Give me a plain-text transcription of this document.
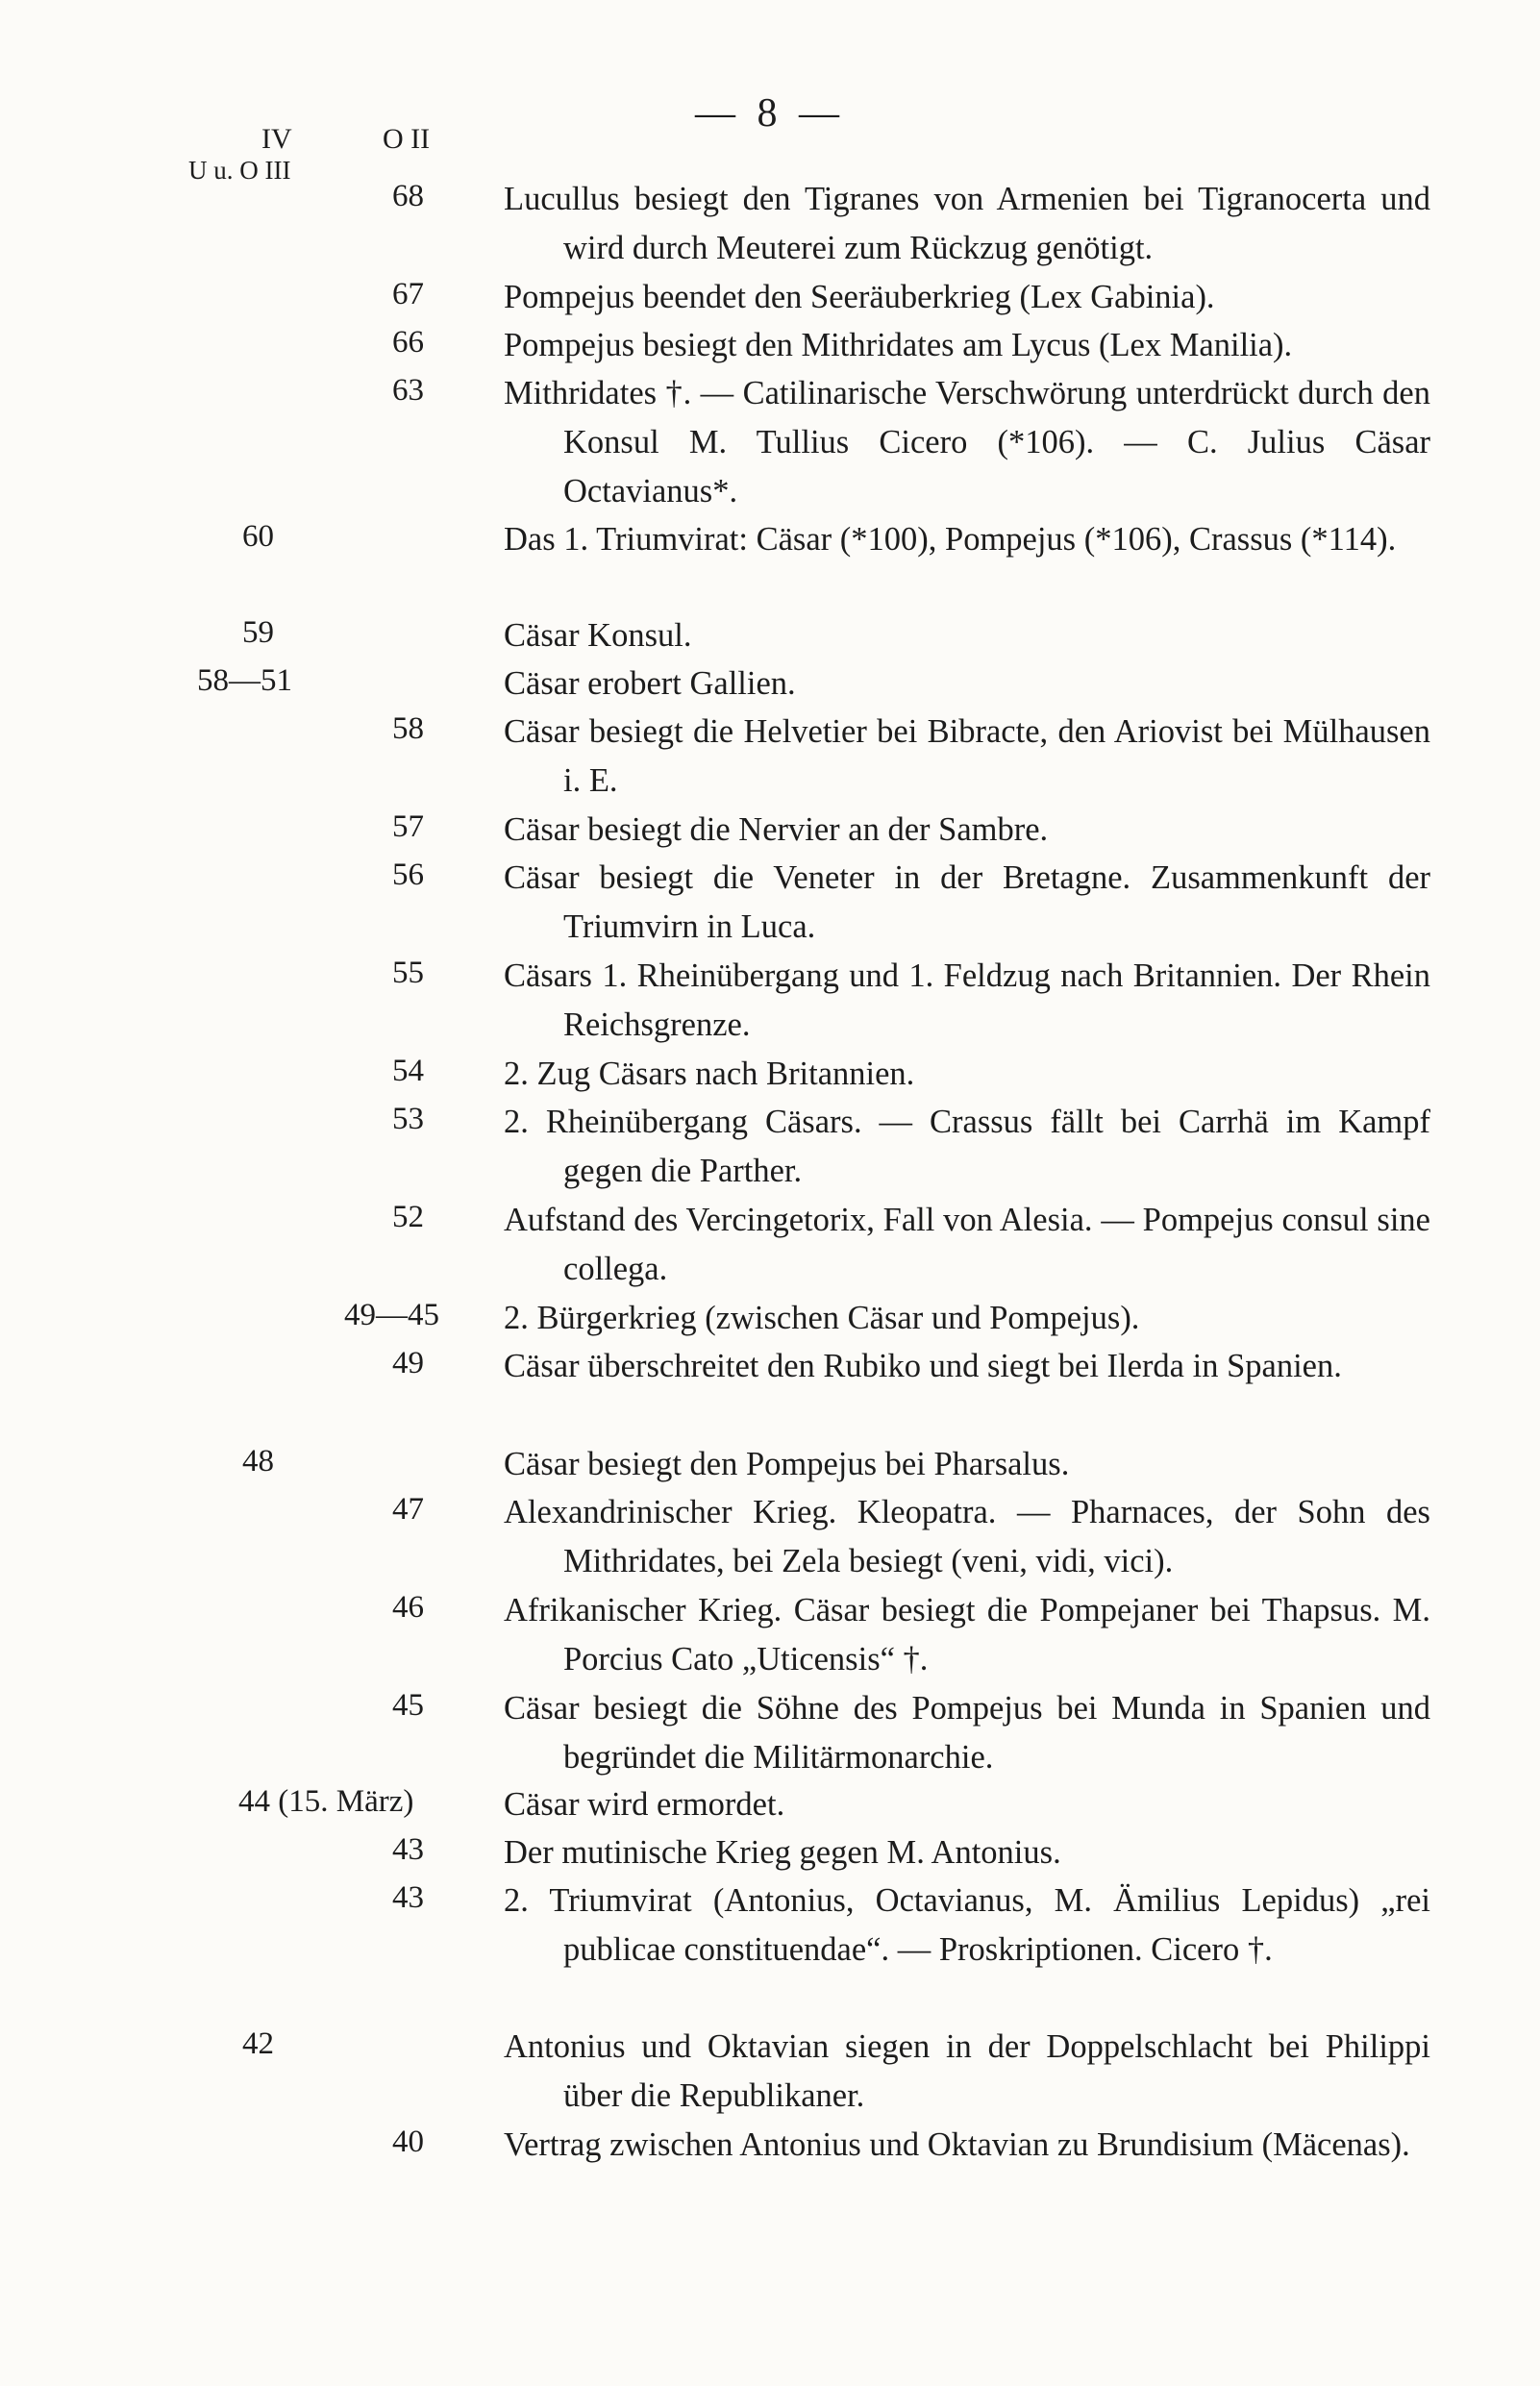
— 8 —
IV	O II
U u. O III
68 Lucullus besiegt den Tigranes von Armenien bei Tigranocerta und wird durch Meuterei zum Rückzug genötigt.
67 Pompejus beendet den Seeräuberkrieg (Lex Gabinia).
66 Pompejus besiegt den Mithridates am Lycus (Lex Manilia).
63 Mithridates †. — Catilinarische Verschwörung unterdrückt durch den Konsul M. Tullius Cicero (*106). — C. Julius Cäsar Octavianus*.
60	Das 1. Triumvirat: Cäsar (*100), Pompejus (*106), Crassus (*114).
59	Cäsar Konsul.
58—51	Cäsar erobert Gallien.
58 Cäsar besiegt die Helvetier bei Bibracte, den Ariovist bei Mülhausen i. E.
57 Cäsar besiegt die Nervier an der Sambre.
56 Cäsar besiegt die Veneter in der Bretagne. Zusammenkunft der Triumvirn in Luca.
55 Cäsars 1. Rheinübergang und 1. Feldzug nach Britannien. Der Rhein Reichsgrenze.
54 2. Zug Cäsars nach Britannien.
53 2. Rheinübergang Cäsars. — Crassus fällt bei Carrhä im Kampf gegen die Parther.
52 Aufstand des Vercingetorix, Fall von Alesia. — Pompejus consul sine collega.
49—45 2. Bürgerkrieg (zwischen Cäsar und Pompejus).
49 Cäsar überschreitet den Rubiko und siegt bei Ilerda in Spanien.
48	Cäsar besiegt den Pompejus bei Pharsalus.
47 Alexandrinischer Krieg. Kleopatra. — Pharnaces, der Sohn des Mithridates, bei Zela besiegt (veni, vidi, vici).
46 Afrikanischer Krieg. Cäsar besiegt die Pompejaner bei Thapsus. M. Porcius Cato „Uticensis“ †.
45 Cäsar besiegt die Söhne des Pompejus bei Munda in Spanien und begründet die Militärmonarchie.
44 (15. März)	Cäsar wird ermordet.
43 Der mutinische Krieg gegen M. Antonius.
43 2. Triumvirat (Antonius, Octavianus, M. Ämilius Lepidus) „rei publicae constituendae“. — Proskriptionen. Cicero †.
42	Antonius und Oktavian siegen in der Doppelschlacht bei Philippi über die Republikaner.
40 Vertrag zwischen Antonius und Oktavian zu Brundisium (Mäcenas).
